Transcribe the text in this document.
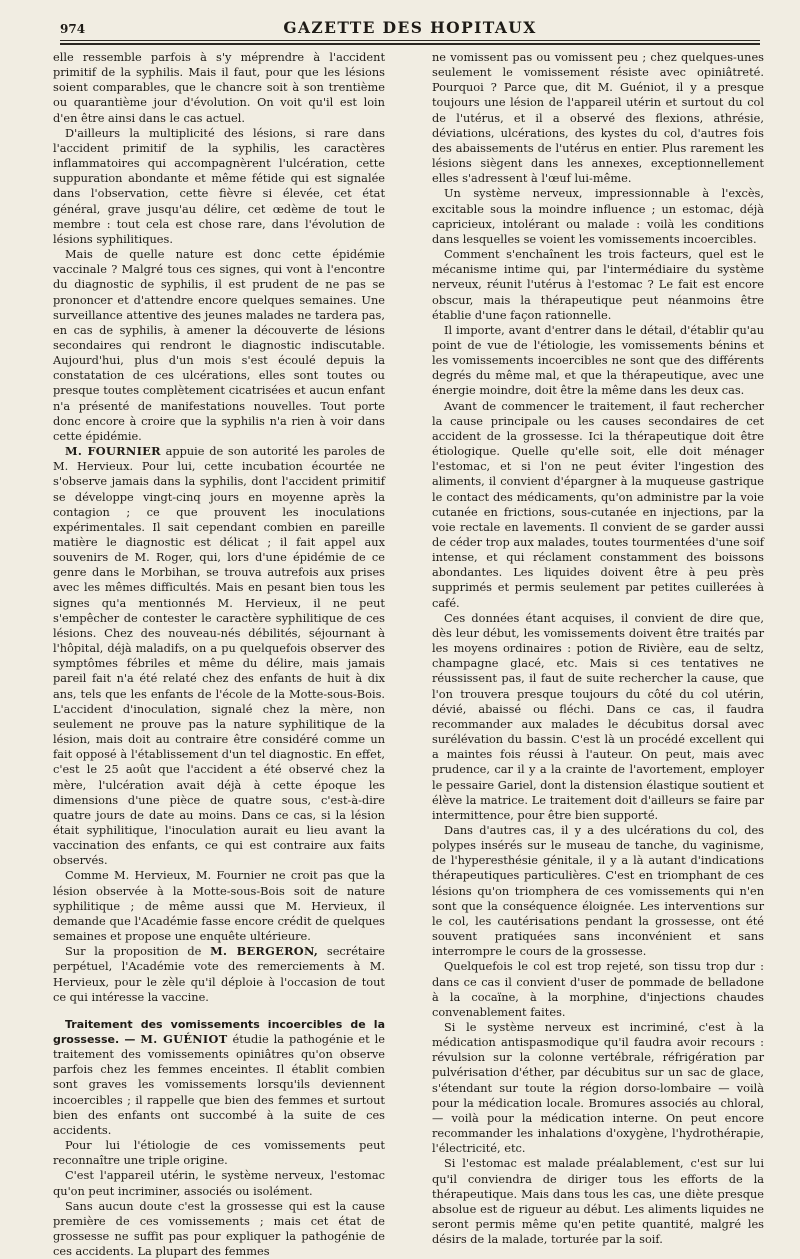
974	GAZETTE DES HOPITAUX

elle ressemble parfois à s'y méprendre à l'accident primitif de la syphilis. Mais il faut, pour que les lésions soient comparables, que le chancre soit à son trentième ou quarantième jour d'évolution. On voit qu'il est loin d'en être ainsi dans le cas actuel.

D'ailleurs la multiplicité des lésions, si rare dans l'accident primitif de la syphilis, les caractères inflammatoires qui accompagnèrent l'ulcération, cette suppuration abondante et même fétide qui est signalée dans l'observation, cette fièvre si élevée, cet état général, grave jusqu'au délire, cet œdème de tout le membre : tout cela est chose rare, dans l'évolution de lésions syphilitiques.

Mais de quelle nature est donc cette épidémie vaccinale ? Malgré tous ces signes, qui vont à l'encontre du diagnostic de syphilis, il est prudent de ne pas se prononcer et d'attendre encore quelques semaines. Une surveillance attentive des jeunes malades ne tardera pas, en cas de syphilis, à amener la découverte de lésions secondaires qui rendront le diagnostic indiscutable. Aujourd'hui, plus d'un mois s'est écoulé depuis la constatation de ces ulcérations, elles sont toutes ou presque toutes complètement cicatrisées et aucun enfant n'a présenté de manifestations nouvelles. Tout porte donc encore à croire que la syphilis n'a rien à voir dans cette épidémie.

M. FOURNIER appuie de son autorité les paroles de M. Hervieux. Pour lui, cette incubation écourtée ne s'observe jamais dans la syphilis, dont l'accident primitif se développe vingt-cinq jours en moyenne après la contagion ; ce que prouvent les inoculations expérimentales. Il sait cependant combien en pareille matière le diagnostic est délicat ; il fait appel aux souvenirs de M. Roger, qui, lors d'une épidémie de ce genre dans le Morbihan, se trouva autrefois aux prises avec les mêmes difficultés. Mais en pesant bien tous les signes qu'a mentionnés M. Hervieux, il ne peut s'empêcher de contester le caractère syphilitique de ces lésions. Chez des nouveau-nés débilités, séjournant à l'hôpital, déjà maladifs, on a pu quelquefois observer des symptômes fébriles et même du délire, mais jamais pareil fait n'a été relaté chez des enfants de huit à dix ans, tels que les enfants de l'école de la Motte-sous-Bois. L'accident d'inoculation, signalé chez la mère, non seulement ne prouve pas la nature syphilitique de la lésion, mais doit au contraire être considéré comme un fait opposé à l'établissement d'un tel diagnostic. En effet, c'est le 25 août que l'accident a été observé chez la mère, l'ulcération avait déjà à cette époque les dimensions d'une pièce de quatre sous, c'est-à-dire quatre jours de date au moins. Dans ce cas, si la lésion était syphilitique, l'inoculation aurait eu lieu avant la vaccination des enfants, ce qui est contraire aux faits observés.

Comme M. Hervieux, M. Fournier ne croit pas que la lésion observée à la Motte-sous-Bois soit de nature syphilitique ; de même aussi que M. Hervieux, il demande que l'Académie fasse encore crédit de quelques semaines et propose une enquête ultérieure.

Sur la proposition de M. BERGERON, secrétaire perpétuel, l'Académie vote des remerciements à M. Hervieux, pour le zèle qu'il déploie à l'occasion de tout ce qui intéresse la vaccine.

Traitement des vomissements incoercibles de la grossesse. — M. GUÉNIOT étudie la pathogénie et le traitement des vomissements opiniâtres qu'on observe parfois chez les femmes enceintes. Il établit combien sont graves les vomissements lorsqu'ils deviennent incoercibles ; il rappelle que bien des femmes et surtout bien des enfants ont succombé à la suite de ces accidents.

Pour lui l'étiologie de ces vomissements peut reconnaître une triple origine.

C'est l'appareil utérin, le système nerveux, l'estomac qu'on peut incriminer, associés ou isolément.

Sans aucun doute c'est la grossesse qui est la cause première de ces vomissements ; mais cet état de grossesse ne suffit pas pour expliquer la pathogénie de ces accidents. La plupart des femmes

ne vomissent pas ou vomissent peu ; chez quelques-unes seulement le vomissement résiste avec opiniâtreté. Pourquoi ? Parce que, dit M. Guéniot, il y a presque toujours une lésion de l'appareil utérin et surtout du col de l'utérus, et il a observé des flexions, athrésie, déviations, ulcérations, des kystes du col, d'autres fois des abaissements de l'utérus en entier. Plus rarement les lésions siègent dans les annexes, exceptionnellement elles s'adressent à l'œuf lui-même.

Un système nerveux, impressionnable à l'excès, excitable sous la moindre influence ; un estomac, déjà capricieux, intolérant ou malade : voilà les conditions dans lesquelles se voient les vomissements incoercibles.

Comment s'enchaînent les trois facteurs, quel est le mécanisme intime qui, par l'intermédiaire du système nerveux, réunit l'utérus à l'estomac ? Le fait est encore obscur, mais la thérapeutique peut néanmoins être établie d'une façon rationnelle.

Il importe, avant d'entrer dans le détail, d'établir qu'au point de vue de l'étiologie, les vomissements bénins et les vomissements incoercibles ne sont que des différents degrés du même mal, et que la thérapeutique, avec une énergie moindre, doit être la même dans les deux cas.

Avant de commencer le traitement, il faut rechercher la cause principale ou les causes secondaires de cet accident de la grossesse. Ici la thérapeutique doit être étiologique. Quelle qu'elle soit, elle doit ménager l'estomac, et si l'on ne peut éviter l'ingestion des aliments, il convient d'épargner à la muqueuse gastrique le contact des médicaments, qu'on administre par la voie cutanée en frictions, sous-cutanée en injections, par la voie rectale en lavements. Il convient de se garder aussi de céder trop aux malades, toutes tourmentées d'une soif intense, et qui réclament constamment des boissons abondantes. Les liquides doivent être à peu près supprimés et permis seulement par petites cuillerées à café.

Ces données étant acquises, il convient de dire que, dès leur début, les vomissements doivent être traités par les moyens ordinaires : potion de Rivière, eau de seltz, champagne glacé, etc. Mais si ces tentatives ne réussissent pas, il faut de suite rechercher la cause, que l'on trouvera presque toujours du côté du col utérin, dévié, abaissé ou fléchi. Dans ce cas, il faudra recommander aux malades le décubitus dorsal avec surélévation du bassin. C'est là un procédé excellent qui a maintes fois réussi à l'auteur. On peut, mais avec prudence, car il y a la crainte de l'avortement, employer le pessaire Gariel, dont la distension élastique soutient et élève la matrice. Le traitement doit d'ailleurs se faire par intermittence, pour être bien supporté.

Dans d'autres cas, il y a des ulcérations du col, des polypes insérés sur le museau de tanche, du vaginisme, de l'hyperesthésie génitale, il y a là autant d'indications thérapeutiques particulières. C'est en triomphant de ces lésions qu'on triomphera de ces vomissements qui n'en sont que la conséquence éloignée. Les interventions sur le col, les cautérisations pendant la grossesse, ont été souvent pratiquées sans inconvénient et sans interrompre le cours de la grossesse.

Quelquefois le col est trop rejeté, son tissu trop dur : dans ce cas il convient d'user de pommade de belladone à la cocaïne, à la morphine, d'injections chaudes convenablement faites.

Si le système nerveux est incriminé, c'est à la médication antispasmodique qu'il faudra avoir recours : révulsion sur la colonne vertébrale, réfrigération par pulvérisation d'éther, par décubitus sur un sac de glace, s'étendant sur toute la région dorso-lombaire — voilà pour la médication locale. Bromures associés au chloral, — voilà pour la médication interne. On peut encore recommander les inhalations d'oxygène, l'hydrothérapie, l'électricité, etc.

Si l'estomac est malade préalablement, c'est sur lui qu'il conviendra de diriger tous les efforts de la thérapeutique. Mais dans tous les cas, une diète presque absolue est de rigueur au début. Les aliments liquides ne seront permis même qu'en petite quantité, malgré les désirs de la malade, torturée par la soif.
